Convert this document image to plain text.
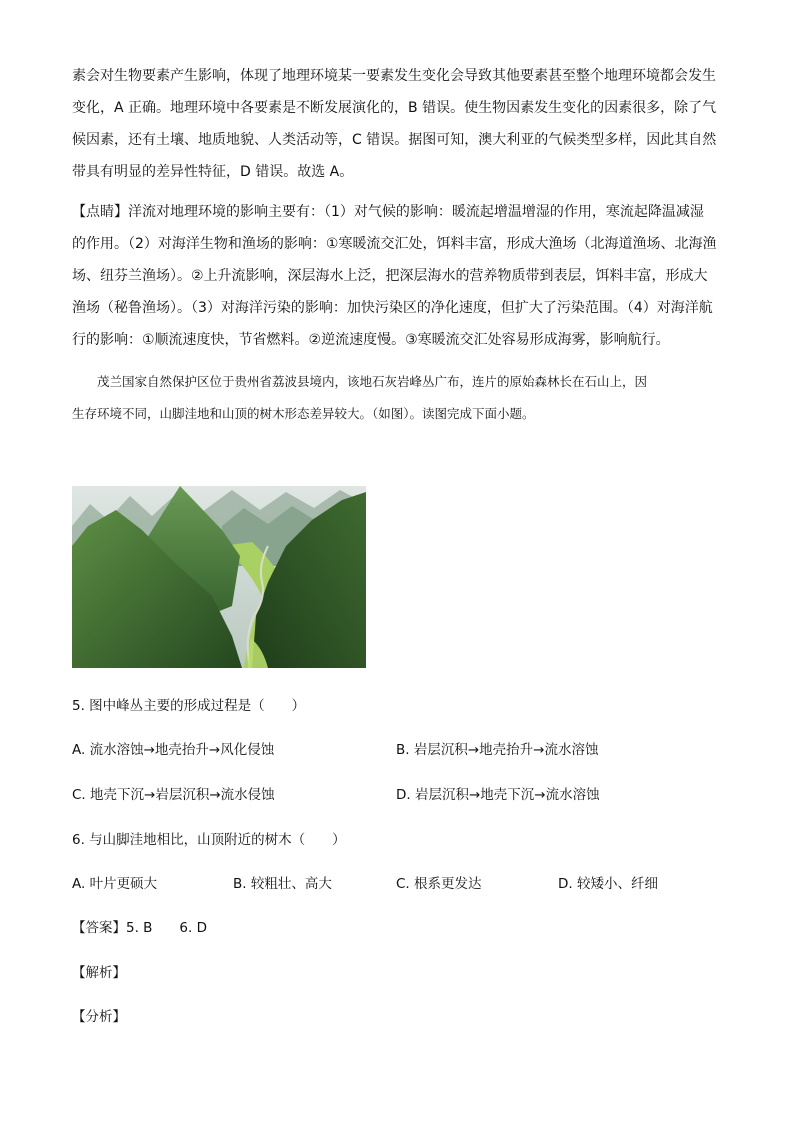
素会对生物要素产生影响，体现了地理环境某一要素发生变化会导致其他要素甚至整个地理环境都会发生
变化，A 正确。地理环境中各要素是不断发展演化的，B 错误。使生物因素发生变化的因素很多，除了气
候因素，还有土壤、地质地貌、人类活动等，C 错误。据图可知，澳大利亚的气候类型多样，因此其自然
带具有明显的差异性特征，D 错误。故选 A。

【点睛】洋流对地理环境的影响主要有：（1）对气候的影响：暖流起增温增湿的作用，寒流起降温减湿
的作用。（2）对海洋生物和渔场的影响：①寒暖流交汇处，饵料丰富，形成大渔场（北海道渔场、北海渔
场、纽芬兰渔场）。②上升流影响，深层海水上泛，把深层海水的营养物质带到表层，饵料丰富，形成大
渔场（秘鲁渔场）。（3）对海洋污染的影响：加快污染区的净化速度，但扩大了污染范围。（4）对海洋航
行的影响：①顺流速度快，节省燃料。②逆流速度慢。③寒暖流交汇处容易形成海雾，影响航行。

　　茂兰国家自然保护区位于贵州省荔波县境内，该地石灰岩峰丛广布，连片的原始森林长在石山上，因
生存环境不同，山脚洼地和山顶的树木形态差异较大。（如图）。读图完成下面小题。

5. 图中峰丛主要的形成过程是（　　）
A. 流水溶蚀→地壳抬升→风化侵蚀	B. 岩层沉积→地壳抬升→流水溶蚀
C. 地壳下沉→岩层沉积→流水侵蚀	D. 岩层沉积→地壳下沉→流水溶蚀
6. 与山脚洼地相比，山顶附近的树木（　　）
A. 叶片更硕大	B. 较粗壮、高大	C. 根系更发达	D. 较矮小、纤细
【答案】5. B　　6. D
【解析】
【分析】
